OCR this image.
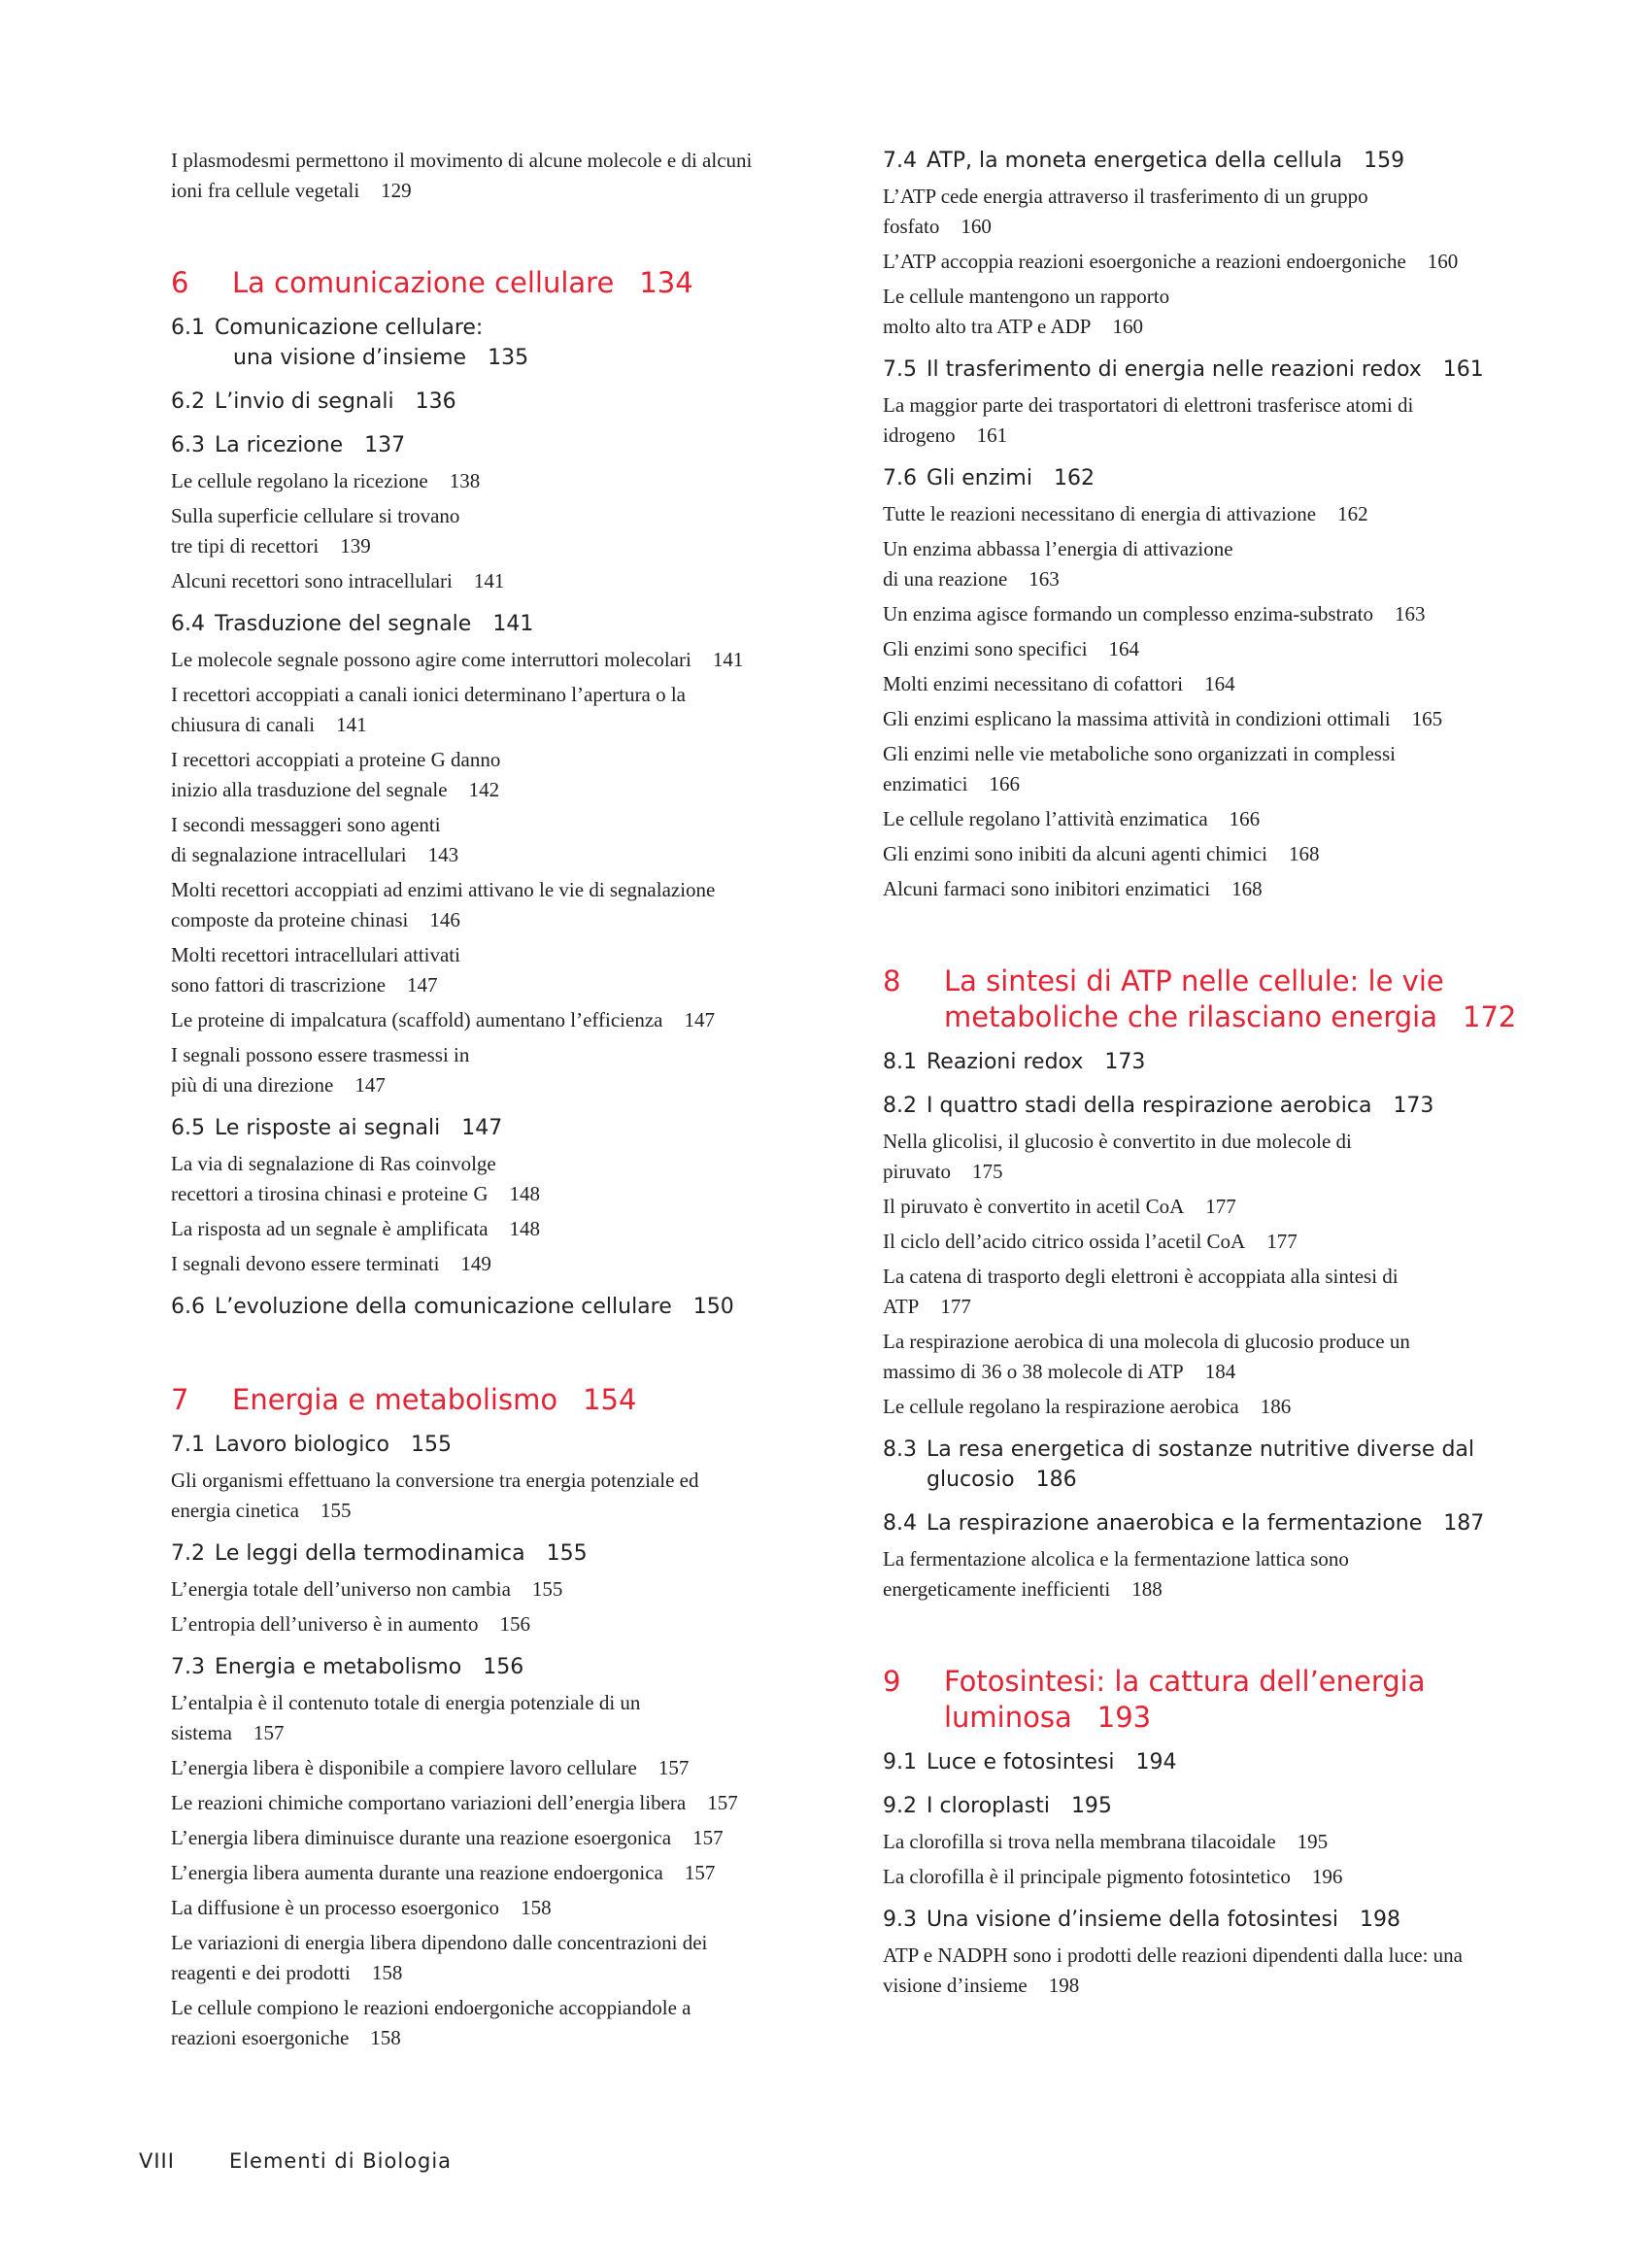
I plasmodesmi permettono il movimento di alcune molecole e di alcuni
ioni fra cellule vegetali 129
6	La comunicazione cellulare 134
6.1 Comunicazione cellulare:
una visione d’insieme 135
6.2 L’invio di segnali 136
6.3 La ricezione 137
Le cellule regolano la ricezione 138
Sulla superficie cellulare si trovano
tre tipi di recettori 139
Alcuni recettori sono intracellulari 141
6.4 Trasduzione del segnale 141
Le molecole segnale possono agire come interruttori molecolari 141
I recettori accoppiati a canali ionici determinano l’apertura o la
chiusura di canali 141
I recettori accoppiati a proteine G danno
inizio alla trasduzione del segnale 142
I secondi messaggeri sono agenti
di segnalazione intracellulari 143
Molti recettori accoppiati ad enzimi attivano le vie di segnalazione
composte da proteine chinasi 146
Molti recettori intracellulari attivati
sono fattori di trascrizione 147
Le proteine di impalcatura (scaffold) aumentano l’efficienza 147
I segnali possono essere trasmessi in
più di una direzione 147
6.5 Le risposte ai segnali 147
La via di segnalazione di Ras coinvolge
recettori a tirosina chinasi e proteine G 148
La risposta ad un segnale è amplificata 148
I segnali devono essere terminati 149
6.6 L’evoluzione della comunicazione cellulare 150
7	Energia e metabolismo 154
7.1 Lavoro biologico 155
Gli organismi effettuano la conversione tra energia potenziale ed
energia cinetica 155
7.2 Le leggi della termodinamica 155
L’energia totale dell’universo non cambia 155
L’entropia dell’universo è in aumento 156
7.3 Energia e metabolismo 156
L’entalpia è il contenuto totale di energia potenziale di un
sistema 157
L’energia libera è disponibile a compiere lavoro cellulare 157
Le reazioni chimiche comportano variazioni dell’energia libera 157
L’energia libera diminuisce durante una reazione esoergonica 157
L’energia libera aumenta durante una reazione endoergonica 157
La diffusione è un processo esoergonico 158
Le variazioni di energia libera dipendono dalle concentrazioni dei
reagenti e dei prodotti 158
Le cellule compiono le reazioni endoergoniche accoppiandole a
reazioni esoergoniche 158
7.4 ATP, la moneta energetica della cellula 159
L’ATP cede energia attraverso il trasferimento di un gruppo
fosfato 160
L’ATP accoppia reazioni esoergoniche a reazioni endoergoniche 160
Le cellule mantengono un rapporto
molto alto tra ATP e ADP 160
7.5 Il trasferimento di energia nelle reazioni redox 161
La maggior parte dei trasportatori di elettroni trasferisce atomi di
idrogeno 161
7.6 Gli enzimi 162
Tutte le reazioni necessitano di energia di attivazione 162
Un enzima abbassa l’energia di attivazione
di una reazione 163
Un enzima agisce formando un complesso enzima-substrato 163
Gli enzimi sono specifici 164
Molti enzimi necessitano di cofattori 164
Gli enzimi esplicano la massima attività in condizioni ottimali 165
Gli enzimi nelle vie metaboliche sono organizzati in complessi
enzimatici 166
Le cellule regolano l’attività enzimatica 166
Gli enzimi sono inibiti da alcuni agenti chimici 168
Alcuni farmaci sono inibitori enzimatici 168
8	La sintesi di ATP nelle cellule: le vie
metaboliche che rilasciano energia 172
8.1 Reazioni redox 173
8.2 I quattro stadi della respirazione aerobica 173
Nella glicolisi, il glucosio è convertito in due molecole di
piruvato 175
Il piruvato è convertito in acetil CoA 177
Il ciclo dell’acido citrico ossida l’acetil CoA 177
La catena di trasporto degli elettroni è accoppiata alla sintesi di
ATP 177
La respirazione aerobica di una molecola di glucosio produce un
massimo di 36 o 38 molecole di ATP 184
Le cellule regolano la respirazione aerobica 186
8.3 La resa energetica di sostanze nutritive diverse dal
glucosio 186
8.4 La respirazione anaerobica e la fermentazione 187
La fermentazione alcolica e la fermentazione lattica sono
energeticamente inefficienti 188
9	Fotosintesi: la cattura dell’energia
luminosa 193
9.1 Luce e fotosintesi 194
9.2 I cloroplasti 195
La clorofilla si trova nella membrana tilacoidale 195
La clorofilla è il principale pigmento fotosintetico 196
9.3 Una visione d’insieme della fotosintesi 198
ATP e NADPH sono i prodotti delle reazioni dipendenti dalla luce: una
visione d’insieme 198
VIII	Elementi di Biologia
